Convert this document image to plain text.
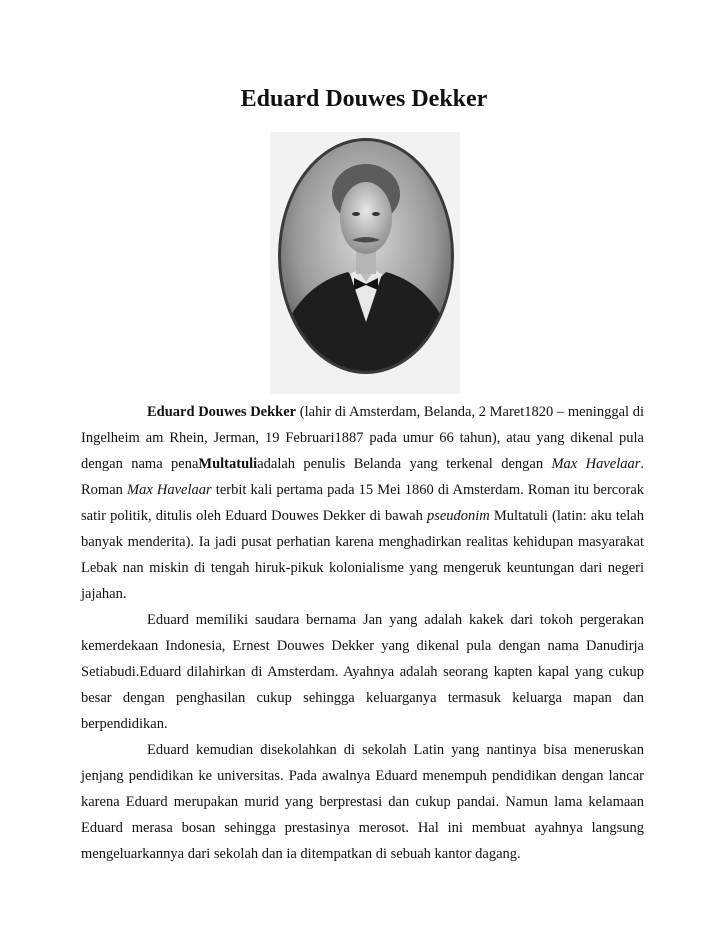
Eduard Douwes Dekker

Eduard Douwes Dekker (lahir di Amsterdam, Belanda, 2 Maret1820 – meninggal di Ingelheim am Rhein, Jerman, 19 Februari1887 pada umur 66 tahun), atau yang dikenal pula dengan nama penaMultatuliadalah penulis Belanda yang terkenal dengan Max Havelaar. Roman Max Havelaar terbit kali pertama pada 15 Mei 1860 di Amsterdam. Roman itu bercorak satir politik, ditulis oleh Eduard Douwes Dekker di bawah pseudonim Multatuli (latin: aku telah banyak menderita). Ia jadi pusat perhatian karena menghadirkan realitas kehidupan masyarakat Lebak nan miskin di tengah hiruk-pikuk kolonialisme yang mengeruk keuntungan dari negeri jajahan.

Eduard memiliki saudara bernama Jan yang adalah kakek dari tokoh pergerakan kemerdekaan Indonesia, Ernest Douwes Dekker yang dikenal pula dengan nama Danudirja Setiabudi.Eduard dilahirkan di Amsterdam. Ayahnya adalah seorang kapten kapal yang cukup besar dengan penghasilan cukup sehingga keluarganya termasuk keluarga mapan dan berpendidikan.

Eduard kemudian disekolahkan di sekolah Latin yang nantinya bisa meneruskan jenjang pendidikan ke universitas. Pada awalnya Eduard menempuh pendidikan dengan lancar karena Eduard merupakan murid yang berprestasi dan cukup pandai. Namun lama kelamaan Eduard merasa bosan sehingga prestasinya merosot. Hal ini membuat ayahnya langsung mengeluarkannya dari sekolah dan ia ditempatkan di sebuah kantor dagang.
